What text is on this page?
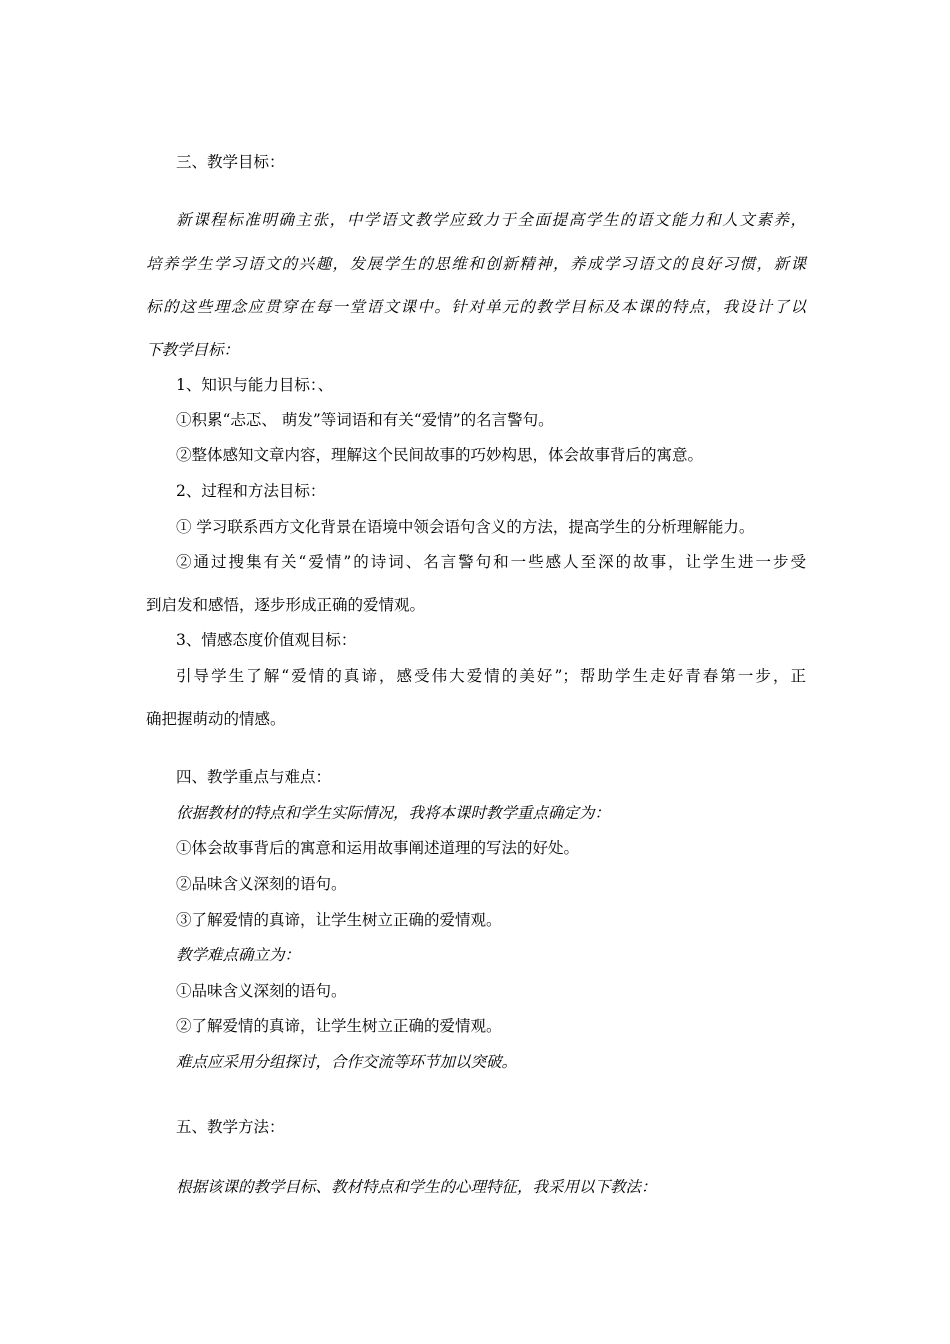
三、教学目标：
新课程标准明确主张，中学语文教学应致力于全面提高学生的语文能力和人文素养，
培养学生学习语文的兴趣，发展学生的思维和创新精神，养成学习语文的良好习惯，新课
标的这些理念应贯穿在每一堂语文课中。针对单元的教学目标及本课的特点，我设计了以
下教学目标：
1、知识与能力目标：、
①积累“忐忑、 萌发”等词语和有关“爱情”的名言警句。
②整体感知文章内容，理解这个民间故事的巧妙构思，体会故事背后的寓意。
2、过程和方法目标：
① 学习联系西方文化背景在语境中领会语句含义的方法，提高学生的分析理解能力。
②通过搜集有关“爱情”的诗词、名言警句和一些感人至深的故事，让学生进一步受
到启发和感悟，逐步形成正确的爱情观。
3、情感态度价值观目标：
引导学生了解“爱情的真谛，感受伟大爱情的美好”；帮助学生走好青春第一步，正
确把握萌动的情感。
四、教学重点与难点：
依据教材的特点和学生实际情况，我将本课时教学重点确定为：
①体会故事背后的寓意和运用故事阐述道理的写法的好处。
②品味含义深刻的语句。
③了解爱情的真谛，让学生树立正确的爱情观。
教学难点确立为：
①品味含义深刻的语句。
②了解爱情的真谛，让学生树立正确的爱情观。
难点应采用分组探讨，合作交流等环节加以突破。
五、教学方法：
根据该课的教学目标、教材特点和学生的心理特征，我采用以下教法：
